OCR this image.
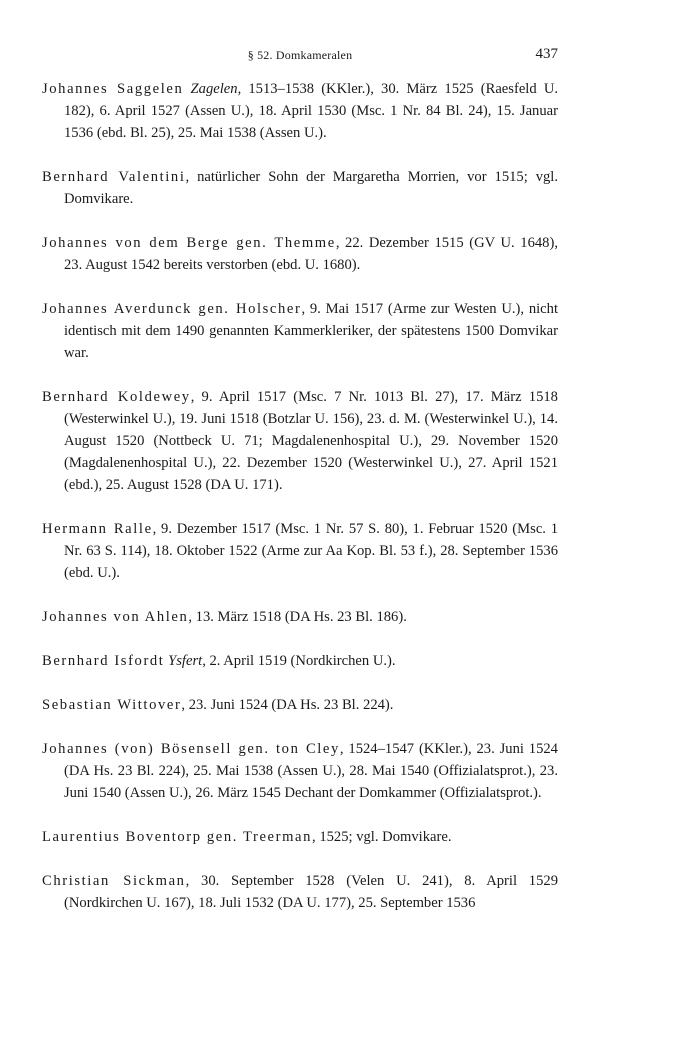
§ 52. Domkameralen	437

Johannes Saggelen Zagelen, 1513–1538 (KKler.), 30. März 1525 (Raesfeld U. 182), 6. April 1527 (Assen U.), 18. April 1530 (Msc. 1 Nr. 84 Bl. 24), 15. Januar 1536 (ebd. Bl. 25), 25. Mai 1538 (Assen U.).

Bernhard Valentini, natürlicher Sohn der Margaretha Morrien, vor 1515; vgl. Domvikare.

Johannes von dem Berge gen. Themme, 22. Dezember 1515 (GV U. 1648), 23. August 1542 bereits verstorben (ebd. U. 1680).

Johannes Averdunck gen. Holscher, 9. Mai 1517 (Arme zur Westen U.), nicht identisch mit dem 1490 genannten Kammerkleriker, der spätestens 1500 Domvikar war.

Bernhard Koldewey, 9. April 1517 (Msc. 7 Nr. 1013 Bl. 27), 17. März 1518 (Westerwinkel U.), 19. Juni 1518 (Botzlar U. 156), 23. d. M. (Westerwinkel U.), 14. August 1520 (Nottbeck U. 71; Magdalenenhospital U.), 29. November 1520 (Magdalenenhospital U.), 22. Dezember 1520 (Westerwinkel U.), 27. April 1521 (ebd.), 25. August 1528 (DA U. 171).

Hermann Ralle, 9. Dezember 1517 (Msc. 1 Nr. 57 S. 80), 1. Februar 1520 (Msc. 1 Nr. 63 S. 114), 18. Oktober 1522 (Arme zur Aa Kop. Bl. 53 f.), 28. September 1536 (ebd. U.).

Johannes von Ahlen, 13. März 1518 (DA Hs. 23 Bl. 186).

Bernhard Isfordt Ysfert, 2. April 1519 (Nordkirchen U.).

Sebastian Wittover, 23. Juni 1524 (DA Hs. 23 Bl. 224).

Johannes (von) Bösensell gen. ton Cley, 1524–1547 (KKler.), 23. Juni 1524 (DA Hs. 23 Bl. 224), 25. Mai 1538 (Assen U.), 28. Mai 1540 (Offizialatsprot.), 23. Juni 1540 (Assen U.), 26. März 1545 Dechant der Domkammer (Offizialatsprot.).

Laurentius Boventorp gen. Treerman, 1525; vgl. Domvikare.

Christian Sickman, 30. September 1528 (Velen U. 241), 8. April 1529 (Nordkirchen U. 167), 18. Juli 1532 (DA U. 177), 25. September 1536
